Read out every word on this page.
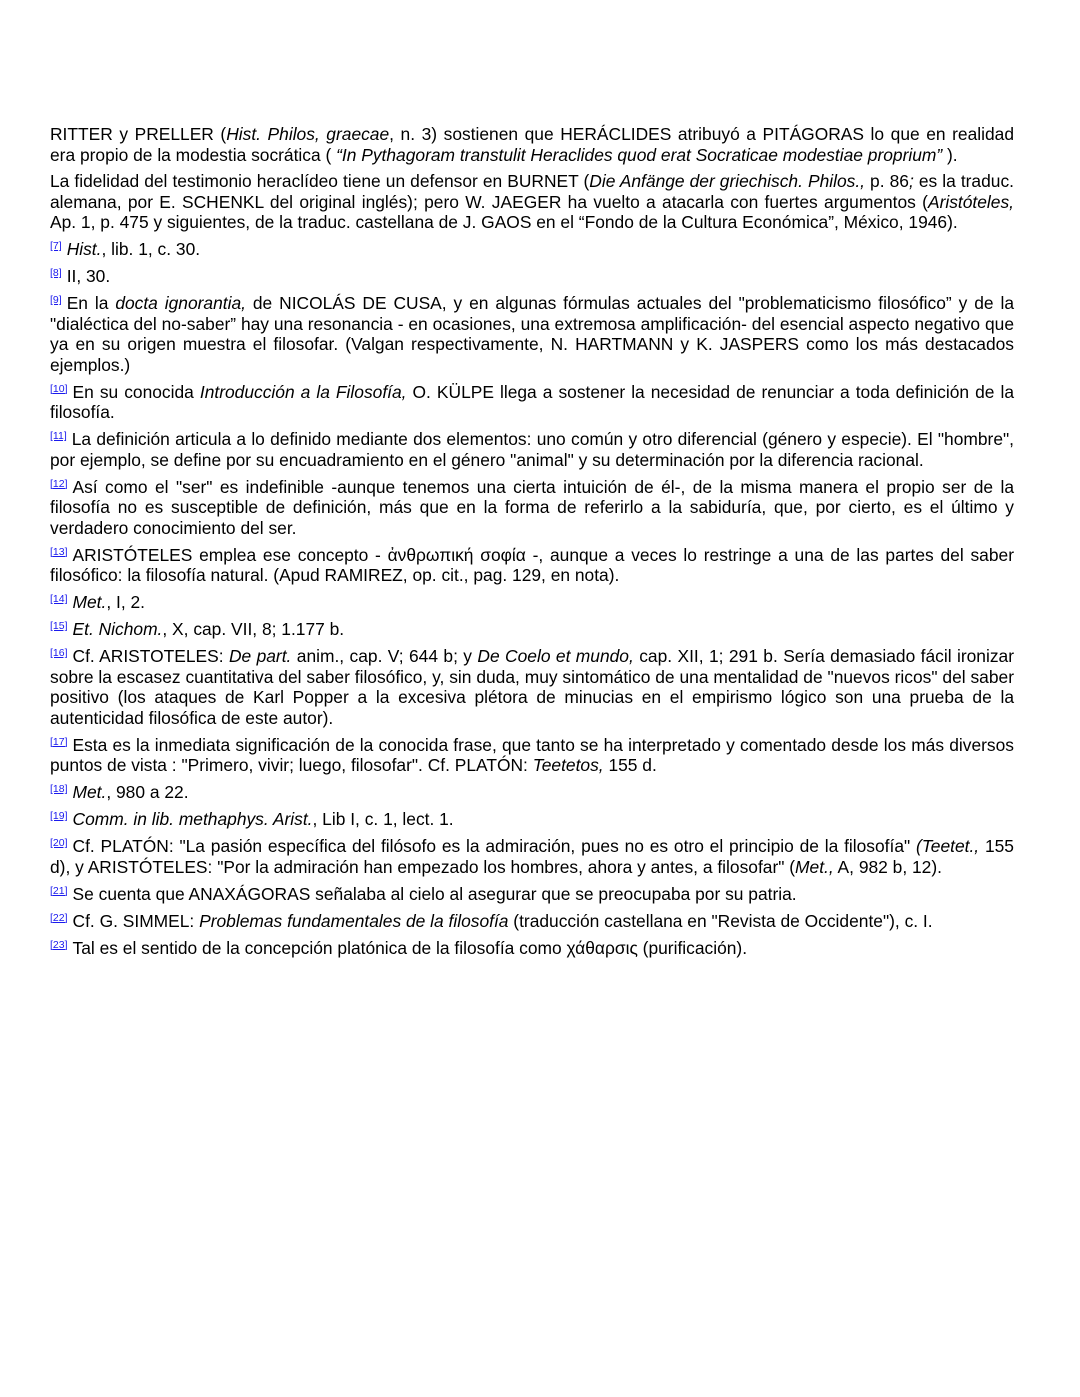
RITTER y PRELLER (Hist. Philos, graecae, n. 3) sostienen que HERÁCLIDES atribuyó a PITÁGORAS lo que en realidad era propio de la modestia socrática ( “In Pythagoram transtulit Heraclides quod erat Socraticae modestiae proprium” ).

La fidelidad del testimonio heraclídeo tiene un defensor en BURNET (Die Anfänge der griechisch. Philos., p. 86; es la traduc. alemana, por E. SCHENKL del original inglés); pero W. JAEGER ha vuelto a atacarla con fuertes argumentos (Aristóteles, Ap. 1, p. 475 y siguientes, de la traduc. castellana de J. GAOS en el “Fondo de la Cultura Económica”, México, 1946).

[7] Hist., lib. 1, c. 30.

[8] II, 30.

[9] En la docta ignorantia, de NICOLÁS DE CUSA, y en algunas fórmulas actuales del "problematicismo filosófico” y de la "dialéctica del no-saber” hay una resonancia - en ocasiones, una extremosa amplificación- del esencial aspecto negativo que ya en su origen muestra el filosofar. (Valgan respectivamente, N. HARTMANN y K. JASPERS como los más destacados ejemplos.)

[10] En su conocida Introducción a la Filosofía, O. KÜLPE llega a sostener la necesidad de renunciar a toda definición de la filosofía.

[11] La definición articula a lo definido mediante dos elementos: uno común y otro diferencial (género y especie). El "hombre", por ejemplo, se define por su encuadramiento en el género "animal" y su determinación por la diferencia racional.

[12] Así como el "ser" es indefinible -aunque tenemos una cierta intuición de él-, de la misma manera el propio ser de la filosofía no es susceptible de definición, más que en la forma de referirlo a la sabiduría, que, por cierto, es el último y verdadero conocimiento del ser.

[13] ARISTÓTELES emplea ese concepto - ἀνθρωπική σοφία -, aunque a veces lo restringe a una de las partes del saber filosófico: la filosofía natural. (Apud RAMIREZ, op. cit., pag. 129, en nota).

[14] Met., I, 2.

[15] Et. Nichom., X, cap. VII, 8; 1.177 b.

[16] Cf. ARISTOTELES: De part. anim., cap. V; 644 b; y De Coelo et mundo, cap. XII, 1; 291 b. Sería demasiado fácil ironizar sobre la escasez cuantitativa del saber filosófico, y, sin duda, muy sintomático de una mentalidad de "nuevos ricos" del saber positivo (los ataques de Karl Popper a la excesiva plétora de minucias en el empirismo lógico son una prueba de la autenticidad filosófica de este autor).

[17] Esta es la inmediata significación de la conocida frase, que tanto se ha interpretado y comentado desde los más diversos puntos de vista : "Primero, vivir; luego, filosofar". Cf. PLATÓN: Teetetos, 155 d.

[18] Met., 980 a 22.

[19] Comm. in lib. methaphys. Arist., Lib I, c. 1, lect. 1.

[20] Cf. PLATÓN: "La pasión específica del filósofo es la admiración, pues no es otro el principio de la filosofía" (Teetet., 155 d), y ARISTÓTELES: "Por la admiración han empezado los hombres, ahora y antes, a filosofar" (Met., A, 982 b, 12).

[21] Se cuenta que ANAXÁGORAS señalaba al cielo al asegurar que se preocupaba por su patria.

[22] Cf. G. SIMMEL: Problemas fundamentales de la filosofía (traducción castellana en "Revista de Occidente"), c. I.

[23] Tal es el sentido de la concepción platónica de la filosofía como χάθαρσις (purificación).
